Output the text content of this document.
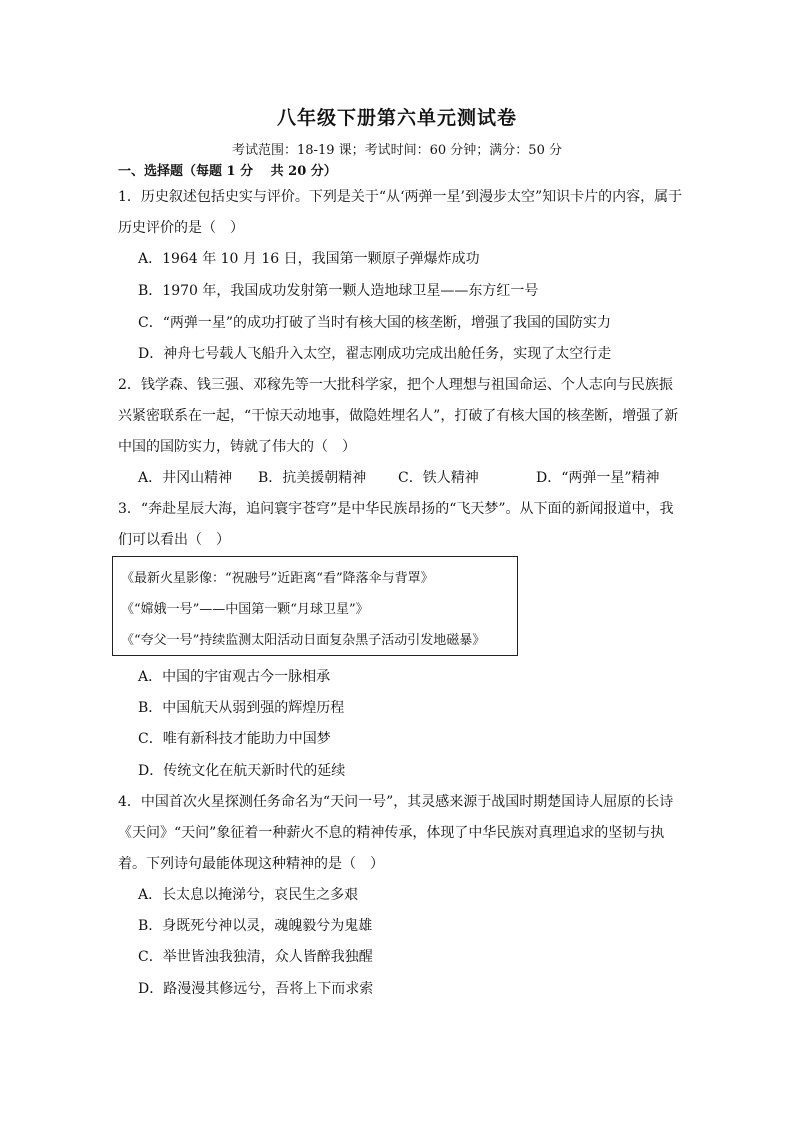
八年级下册第六单元测试卷
考试范围：18-19 课；考试时间：60 分钟；满分：50 分
一、选择题（每题 1 分　 共 20 分）
1．历史叙述包括史实与评价。下列是关于“从‘两弹一星’到漫步太空”知识卡片的内容，属于
历史评价的是（　）
A．1964 年 10 月 16 日，我国第一颗原子弹爆炸成功
B．1970 年，我国成功发射第一颗人造地球卫星——东方红一号
C．“两弹一星”的成功打破了当时有核大国的核垄断，增强了我国的国防实力
D．神舟七号载人飞船升入太空，翟志刚成功完成出舱任务，实现了太空行走
2．钱学森、钱三强、邓稼先等一大批科学家，把个人理想与祖国命运、个人志向与民族振
兴紧密联系在一起，“干惊天动地事，做隐姓埋名人”，打破了有核大国的核垄断，增强了新
中国的国防实力，铸就了伟大的（　）
A．井冈山精神 B．抗美援朝精神 C．铁人精神	D．“两弹一星”精神
3．“奔赴星辰大海，追问寰宇苍穹”是中华民族昂扬的“飞天梦”。从下面的新闻报道中，我
们可以看出（　）
《最新火星影像：“祝融号”近距离“看”降落伞与背罩》
《“嫦娥一号”——中国第一颗“月球卫星”》
《“夸父一号”持续监测太阳活动日面复杂黑子活动引发地磁暴》
A．中国的宇宙观古今一脉相承
B．中国航天从弱到强的辉煌历程
C．唯有新科技才能助力中国梦
D．传统文化在航天新时代的延续
4．中国首次火星探测任务命名为“天问一号”，其灵感来源于战国时期楚国诗人屈原的长诗
《天问》“天问”象征着一种薪火不息的精神传承，体现了中华民族对真理追求的坚韧与执
着。下列诗句最能体现这种精神的是（　）
A．长太息以掩涕兮，哀民生之多艰
B．身既死兮神以灵，魂魄毅兮为鬼雄
C．举世皆浊我独清，众人皆醉我独醒
D．路漫漫其修远兮，吾将上下而求索
